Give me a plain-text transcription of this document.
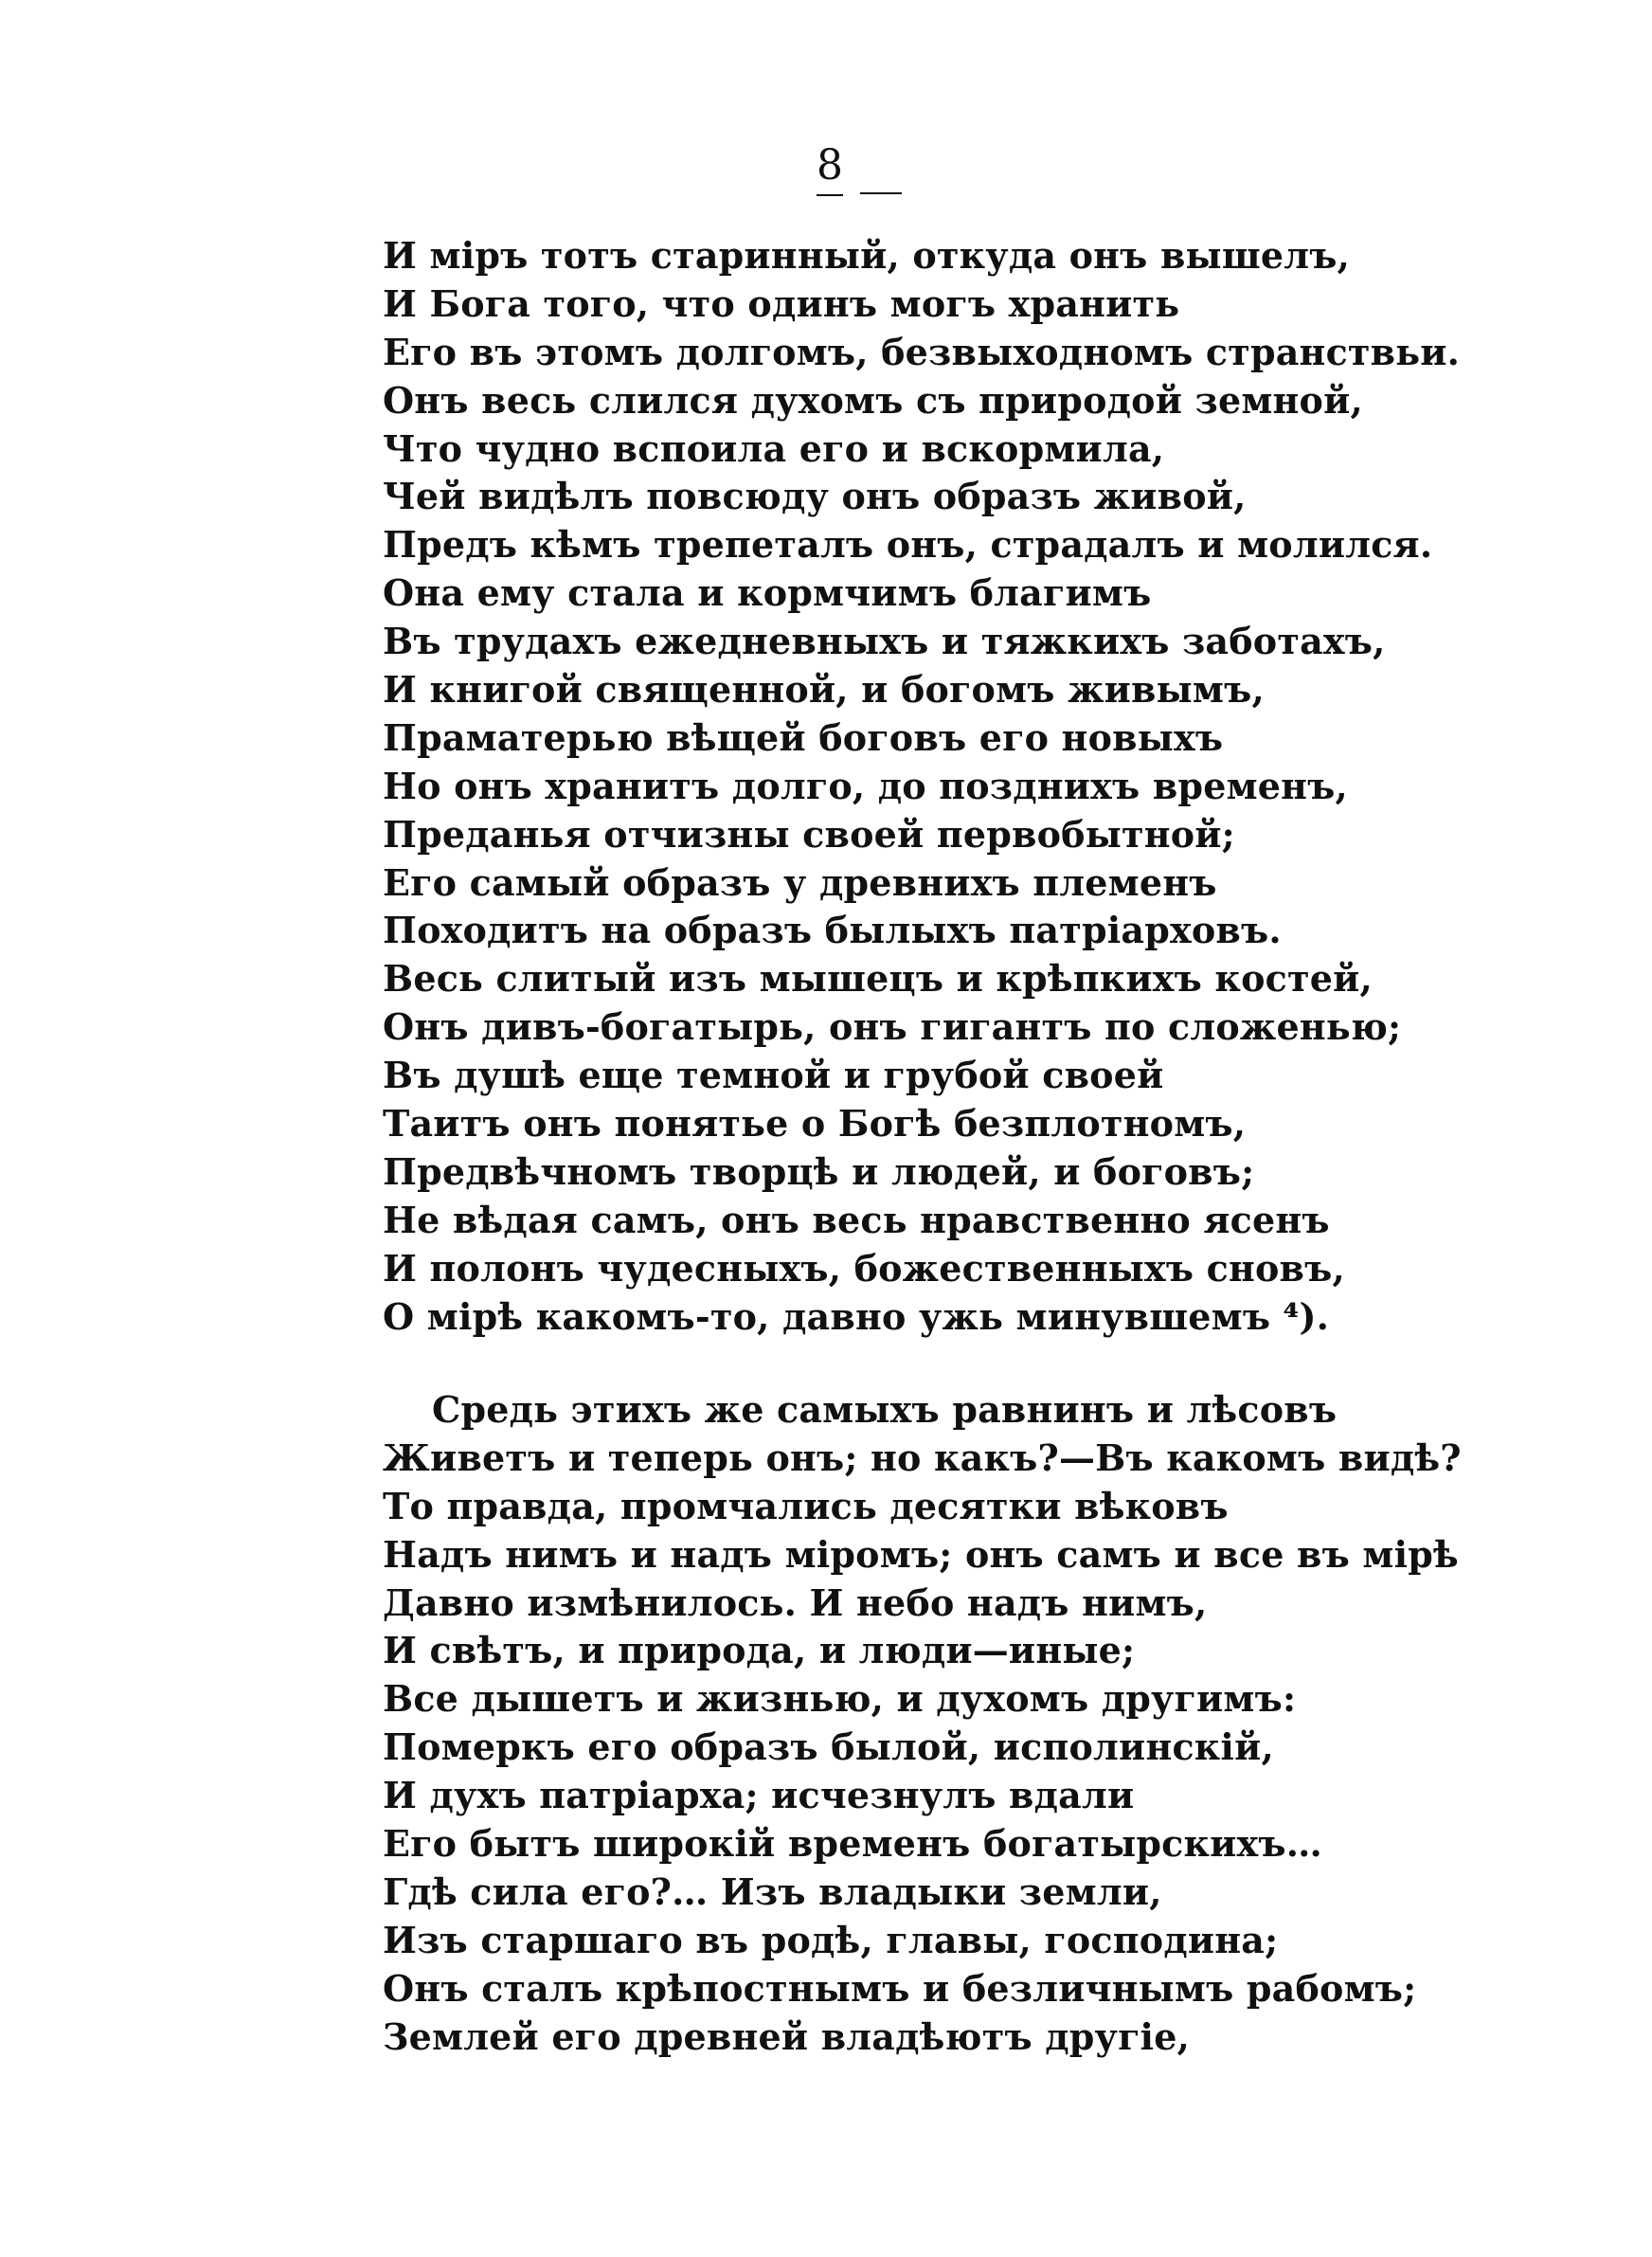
8
И міръ тотъ старинный, откуда онъ вышелъ,
И Бога того, что одинъ могъ хранить
Его въ этомъ долгомъ, безвыходномъ странствьи.
Онъ весь слился духомъ съ природой земной,
Что чудно вспоила его и вскормила,
Чей видѣлъ повсюду онъ образъ живой,
Предъ кѣмъ трепеталъ онъ, страдалъ и молился.
Она ему стала и кормчимъ благимъ
Въ трудахъ ежедневныхъ и тяжкихъ заботахъ,
И книгой священной, и богомъ живымъ,
Праматерью вѣщей боговъ его новыхъ
Но онъ хранитъ долго, до позднихъ временъ,
Преданья отчизны своей первобытной;
Его самый образъ у древнихъ племенъ
Походитъ на образъ былыхъ патріарховъ.
Весь слитый изъ мышецъ и крѣпкихъ костей,
Онъ дивъ-богатырь, онъ гигантъ по сложенью;
Въ душѣ еще темной и грубой своей
Таитъ онъ понятье о Богѣ безплотномъ,
Предвѣчномъ творцѣ и людей, и боговъ;
Не вѣдая самъ, онъ весь нравственно ясенъ
И полонъ чудесныхъ, божественныхъ сновъ,
О мірѣ какомъ-то, давно ужь минувшемъ ⁴).
Средь этихъ же самыхъ равнинъ и лѣсовъ
Живетъ и теперь онъ; но какъ?—Въ какомъ видѣ?
То правда, промчались десятки вѣковъ
Надъ нимъ и надъ міромъ; онъ самъ и все въ мірѣ
Давно измѣнилось. И небо надъ нимъ,
И свѣтъ, и природа, и люди—иные;
Все дышетъ и жизнью, и духомъ другимъ:
Померкъ его образъ былой, исполинскій,
И духъ патріарха; исчезнулъ вдали
Его бытъ широкій временъ богатырскихъ…
Гдѣ сила его?… Изъ владыки земли,
Изъ старшаго въ родѣ, главы, господина;
Онъ сталъ крѣпостнымъ и безличнымъ рабомъ;
Землей его древней владѣютъ другіе,
